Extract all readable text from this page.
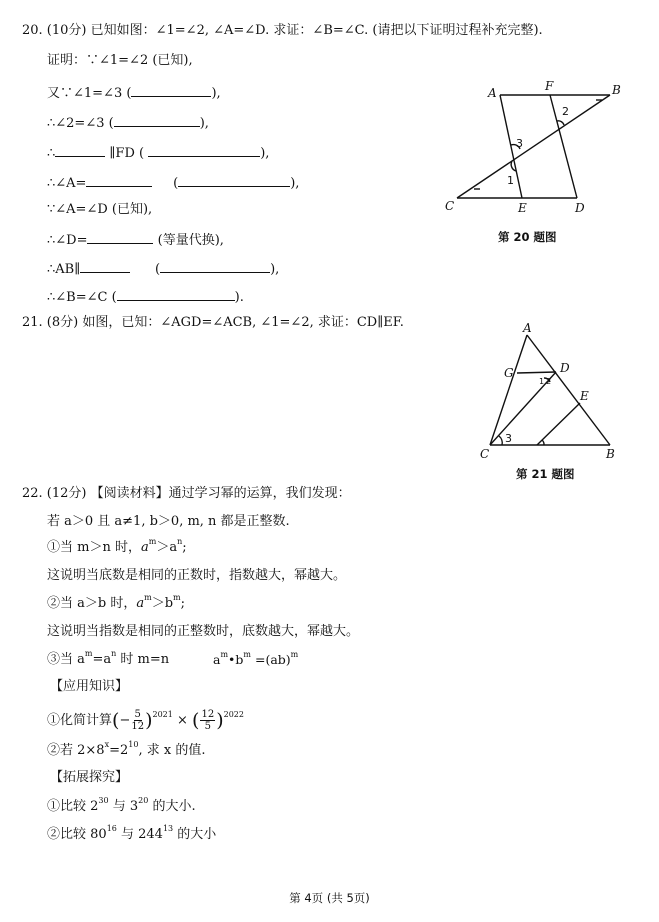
20. (10分) 已知如图：∠1=∠2, ∠A=∠D. 求证：∠B=∠C. (请把以下证明过程补充完整).
证明：∵∠1=∠2 (已知),
又∵∠1=∠3 (	),
∴∠2=∠3 (	),
∴	∥FD (	),
∴∠A=	(	),
∵∠A=∠D (已知),
∴∠D=	(等量代换),
∴AB∥	(	),
∴∠B=∠C (	).
A	F	B
C	E	D
1
2
3
第 20 题图
21. (8分) 如图，已知：∠AGD=∠ACB, ∠1=∠2, 求证：CD∥EF.	A
G	D
E
C	B
1 2
3
第 21 题图
22. (12分) 【阅读材料】通过学习幂的运算，我们发现：
若 a＞0 且 a≠1, b＞0, m, n 都是正整数.
①当 m＞n 时，$a^m>a^n$;
这说明当底数是相同的正数时，指数越大，幂越大。
②当 a＞b 时，$a^m>b^m$;
这说明当指数是相同的正整数时，底数越大，幂越大。
③当 $a^m=a^n$ 时 m=n	$a^m•b^m =(ab)^m$
【应用知识】
①化简计算(− $\frac{5}{12} )^{2021}$ × ( $\frac{12}{5} )^{2022}$
②若 $2\times 8^x=2^{10}$, 求 x 的值.
【拓展探究】
①比较 $2^{30}$ 与 $3^{20}$ 的大小.
②比较 $80^{16}$ 与 $244^{13}$ 的大小
第 4页 (共 5页)
